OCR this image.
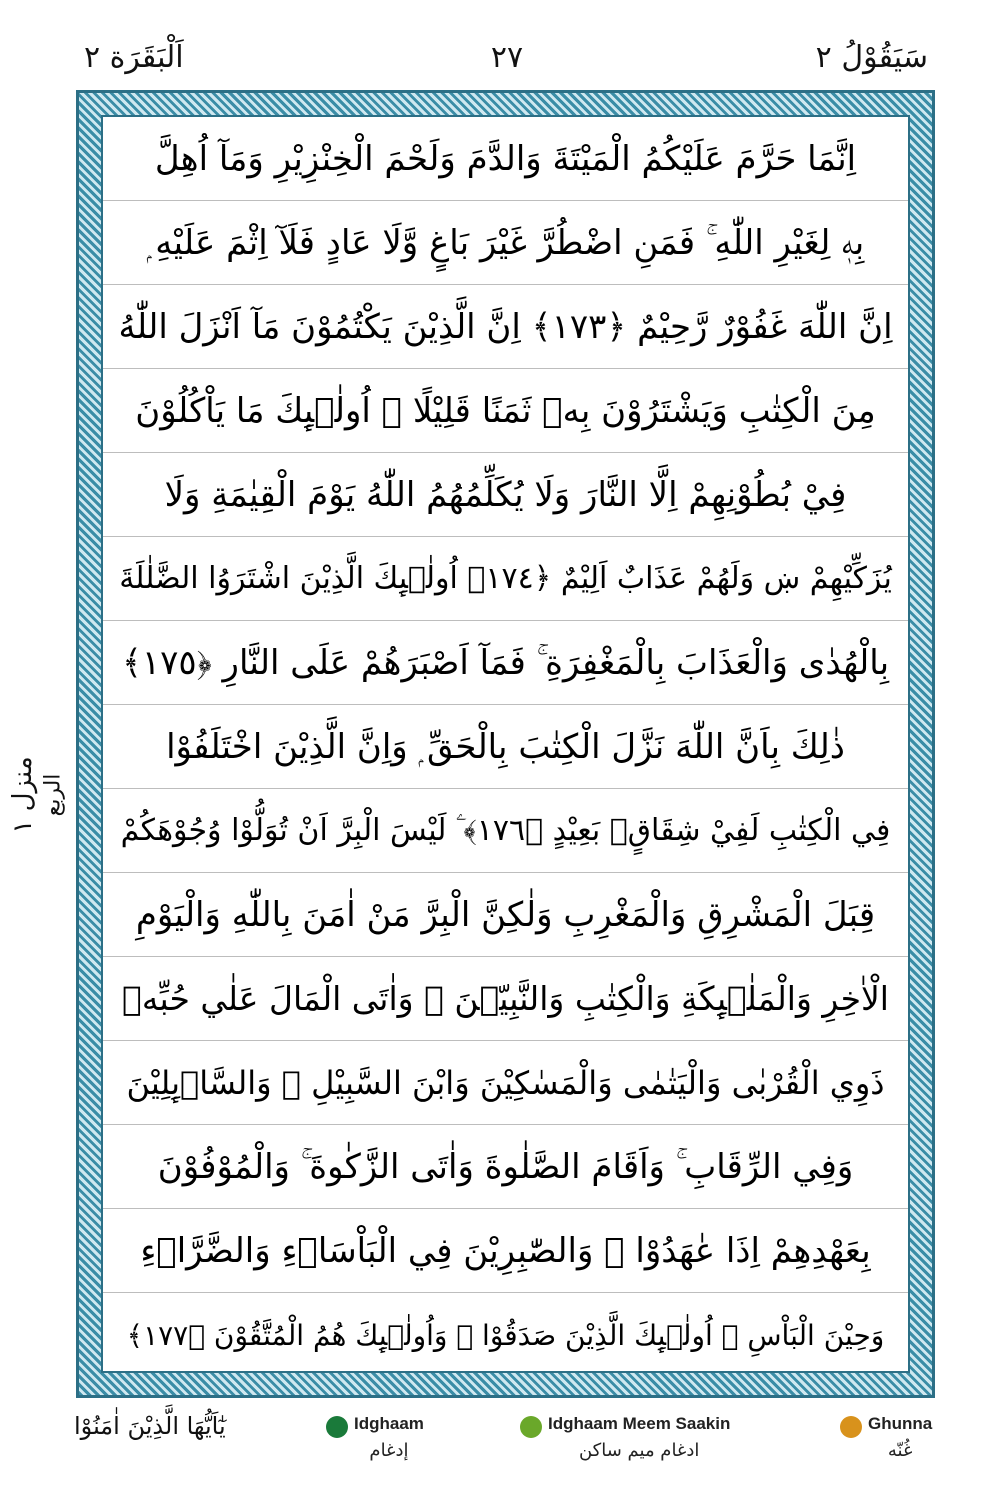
سَيَقُوْلُ ٢
٢٧
اَلْبَقَرَة ٢
اِنَّمَا حَرَّمَ عَلَيْكُمُ الْمَيْتَةَ وَالدَّمَ وَلَحْمَ الْخِنْزِيْرِ وَمَآ اُهِلَّ
بِهٖ لِغَيْرِ اللّٰهِ ۚ فَمَنِ اضْطُرَّ غَيْرَ بَاغٍ وَّلَا عَادٍ فَلَآ اِثْمَ عَلَيْهِ ۭ
اِنَّ اللّٰهَ غَفُوْرٌ رَّحِيْمٌ ﴿١٧٣﴾ اِنَّ الَّذِيْنَ يَكْتُمُوْنَ مَآ اَنْزَلَ اللّٰهُ
مِنَ الْكِتٰبِ وَيَشْتَرُوْنَ بِهٖ ثَمَنًا قَلِيْلًا ۙ اُولٰۗىِٕكَ مَا يَاْكُلُوْنَ
فِيْ بُطُوْنِهِمْ اِلَّا النَّارَ وَلَا يُكَلِّمُهُمُ اللّٰهُ يَوْمَ الْقِيٰمَةِ وَلَا
يُزَكِّيْهِمْ ښ وَلَهُمْ عَذَابٌ اَلِيْمٌ ﴿١٧٤﴾ اُولٰۗىِٕكَ الَّذِيْنَ اشْتَرَوُا الضَّلٰلَةَ
بِالْهُدٰى وَالْعَذَابَ بِالْمَغْفِرَةِ ۚ فَمَآ اَصْبَرَهُمْ عَلَى النَّارِ ﴿١٧٥﴾
ذٰلِكَ بِاَنَّ اللّٰهَ نَزَّلَ الْكِتٰبَ بِالْحَقِّ ۭ وَاِنَّ الَّذِيْنَ اخْتَلَفُوْا
فِي الْكِتٰبِ لَفِيْ شِقَاقٍۢ بَعِيْدٍ ﴿١٧٦﴾ ۧ لَيْسَ الْبِرَّ اَنْ تُوَلُّوْا وُجُوْهَكُمْ
قِبَلَ الْمَشْرِقِ وَالْمَغْرِبِ وَلٰكِنَّ الْبِرَّ مَنْ اٰمَنَ بِاللّٰهِ وَالْيَوْمِ
الْاٰخِرِ وَالْمَلٰۗىِٕكَةِ وَالْكِتٰبِ وَالنَّبِيّٖنَ ۚ وَاٰتَى الْمَالَ عَلٰي حُبِّهٖ
ذَوِي الْقُرْبٰى وَالْيَتٰمٰى وَالْمَسٰكِيْنَ وَابْنَ السَّبِيْلِ ۙ وَالسَّاۗىِٕلِيْنَ
وَفِي الرِّقَابِ ۚ وَاَقَامَ الصَّلٰوةَ وَاٰتَى الزَّكٰوةَ ۚ وَالْمُوْفُوْنَ
بِعَهْدِهِمْ اِذَا عٰهَدُوْا ۚ وَالصّٰبِرِيْنَ فِي الْبَاْسَاۗءِ وَالضَّرَّاۗءِ
وَحِيْنَ الْبَاْسِ ۭ اُولٰۗىِٕكَ الَّذِيْنَ صَدَقُوْا ۭ وَاُولٰۗىِٕكَ هُمُ الْمُتَّقُوْنَ ﴿١٧٧﴾
منزل ١ الربع
يٰٓاَيُّهَا الَّذِيْنَ اٰمَنُوْا	Idghaam
إدغام
Idghaam Meem Saakin
ادغام میم ساکن
Ghunna
غُنّه
